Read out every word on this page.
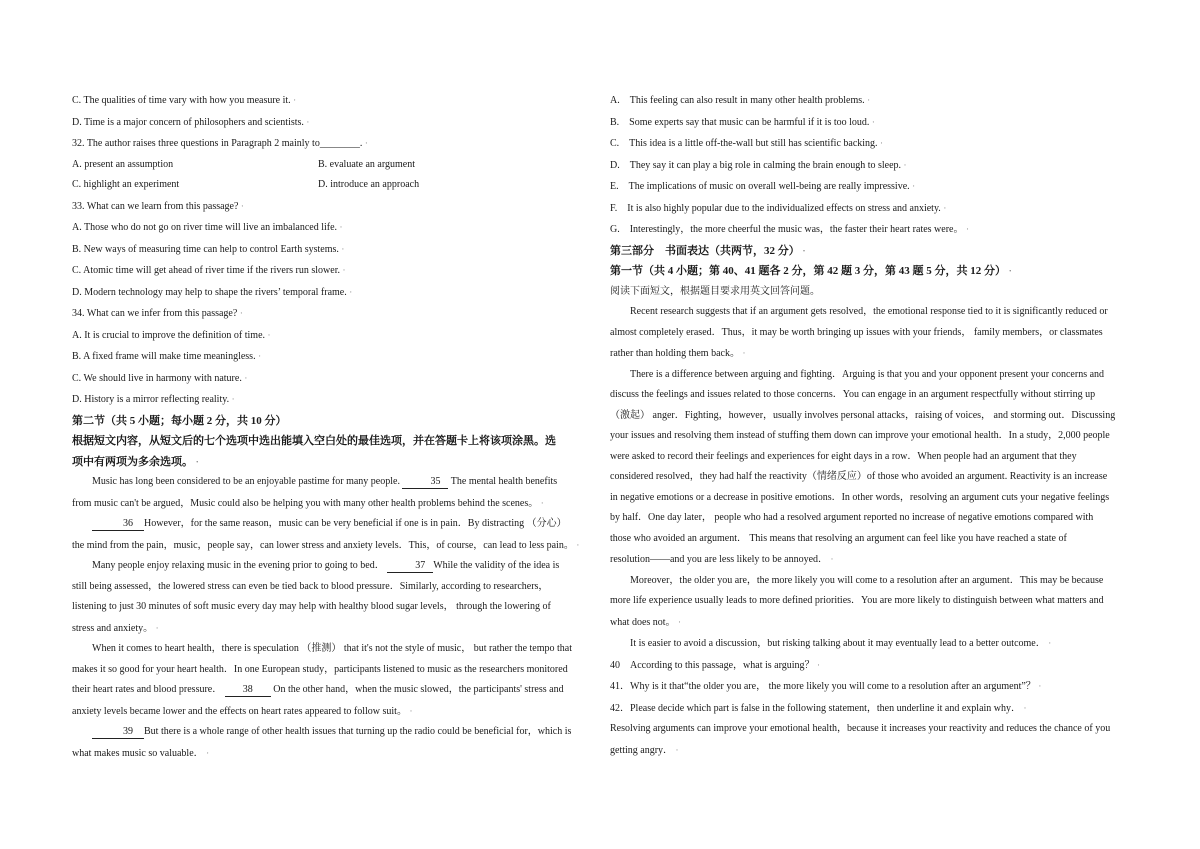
C. The qualities of time vary with how you measure it. ·
D. Time is a major concern of philosophers and scientists. ·
32. The author raises three questions in Paragraph 2 mainly to________. ·
A. present an assumption	B. evaluate an argument
C. highlight an experiment	D. introduce an approach
33. What can we learn from this passage? ·
A. Those who do not go on river time will live an imbalanced life. ·
B. New ways of measuring time can help to control Earth systems. ·
C. Atomic time will get ahead of river time if the rivers run slower. ·
D. Modern technology may help to shape the rivers’ temporal frame. ·
34. What can we infer from this passage? ·
A. It is crucial to improve the definition of time. ·
B. A fixed frame will make time meaningless. ·
C. We should live in harmony with nature. ·
D. History is a mirror reflecting reality. ·
第二节（共 5 小题；每小题 2 分，共 10 分）
根据短文内容，从短文后的七个选项中选出能填入空白处的最佳选项，并在答题卡上将该项涂黑。选
项中有两项为多余选项。 ·
Music has long been considered to be an enjoyable pastime for many people.	35 The mental health benefits
from music can't be argued，Music could also be helping you with many other health problems behind the scenes。 ·
36 However，for the same reason，music can be very beneficial if one is in pain．By distracting （分心）
the mind from the pain，music，people say，can lower stress and anxiety levels．This，of course，can lead to less pain。 ·
Many people enjoy relaxing music in the evening prior to going to bed．	37 While the validity of the idea is
still being assessed，the lowered stress can even be tied back to blood pressure．Similarly, according to researchers，
listening to just 30 minutes of soft music every day may help with healthy blood sugar levels， through the lowering of
stress and anxiety。 ·
When it comes to heart health，there is speculation （推测） that it's not the style of music， but rather the tempo that
makes it so good for your heart health．In one European study，participants listened to music as the researchers monitored
their heart rates and blood pressure． 38 On the other hand，when the music slowed，the participants' stress and
anxiety levels became lower and the effects on heart rates appeared to follow suit。 ·
39 But there is a whole range of other health issues that turning up the radio could be beneficial for，which is
what makes music so valuable． ·
A.　This feeling can also result in many other health problems. ·
B.　Some experts say that music can be harmful if it is too loud. ·
C.　This idea is a little off-the-wall but still has scientific backing. ·
D.　They say it can play a big role in calming the brain enough to sleep. ·
E.　The implications of music on overall well-being are really impressive. ·
F.　It is also highly popular due to the individualized effects on stress and anxiety. ·
G.　Interestingly，the more cheerful the music was，the faster their heart rates were。 ·
第三部分　书面表达（共两节，32 分） ·
第一节（共 4 小题；第 40、41 题各 2 分，第 42 题 3 分，第 43 题 5 分，共 12 分） ·
阅读下面短文，根据题目要求用英文回答问题。
Recent research suggests that if an argument gets resolved，the emotional response tied to it is significantly reduced or
almost completely erased．Thus，it may be worth bringing up issues with your friends， family members，or classmates
rather than holding them back。 ·
There is a difference between arguing and fighting．Arguing is that you and your opponent present your concerns and
discuss the feelings and issues related to those concerns．You can engage in an argument respectfully without stirring up
（激起） anger．Fighting，however，usually involves personal attacks，raising of voices， and storming out．Discussing
your issues and resolving them instead of stuffing them down can improve your emotional health．In a study，2,000 people
were asked to record their feelings and experiences for eight days in a row．When people had an argument that they
considered resolved，they had half the reactivity（情绪反应）of those who avoided an argument. Reactivity is an increase
in negative emotions or a decrease in positive emotions．In other words，resolving an argument cuts your negative feelings
by half．One day later， people who had a resolved argument reported no increase of negative emotions compared with
those who avoided an argument． This means that resolving an argument can feel like you have reached a state of
resolution——and you are less likely to be annoyed． ·
Moreover，the older you are，the more likely you will come to a resolution after an argument．This may be because
more life experience usually leads to more defined priorities．You are more likely to distinguish between what matters and
what does not。 ·
It is easier to avoid a discussion，but risking talking about it may eventually lead to a better outcome． ·
40　According to this passage，what is arguing？ ·
41．Why is it that“the older you are， the more likely you will come to a resolution after an argument”？ ·
42．Please decide which part is false in the following statement，then underline it and explain why． ·
Resolving arguments can improve your emotional health，because it increases your reactivity and reduces the chance of you
getting angry． ·
